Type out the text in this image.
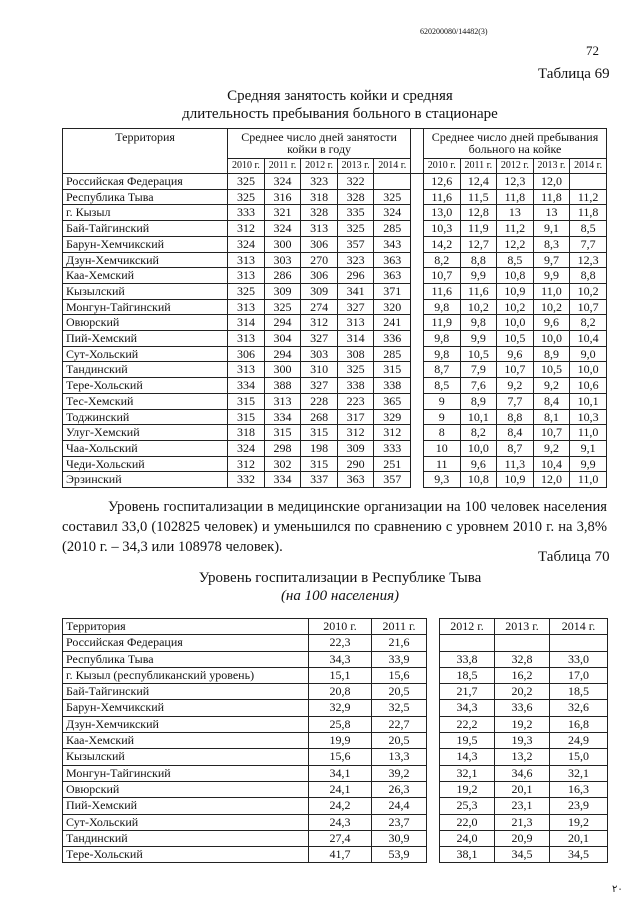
620200080/14482(3)
72
Таблица 69
Средняя занятость койки и средняя
длительность пребывания больного в стационаре
Территория	Среднее число дней занятости койки в году						Среднее число дней пребывания больного на койке				
	2010 г.	2011 г.	2012 г.	2013 г.	2014 г.		2010 г.	2011 г.	2012 г.	2013 г.	2014 г.
Российская Федерация	325	324	323	322			12,6	12,4	12,3	12,0	
Республика Тыва	325	316	318	328	325		11,6	11,5	11,8	11,8	11,2
г. Кызыл	333	321	328	335	324		13,0	12,8	13	13	11,8
Бай-Тайгинский	312	324	313	325	285		10,3	11,9	11,2	9,1	8,5
Барун-Хемчикский	324	300	306	357	343		14,2	12,7	12,2	8,3	7,7
Дзун-Хемчикский	313	303	270	323	363		8,2	8,8	8,5	9,7	12,3
Каа-Хемский	313	286	306	296	363		10,7	9,9	10,8	9,9	8,8
Кызылский	325	309	309	341	371		11,6	11,6	10,9	11,0	10,2
Монгун-Тайгинский	313	325	274	327	320		9,8	10,2	10,2	10,2	10,7
Овюрский	314	294	312	313	241		11,9	9,8	10,0	9,6	8,2
Пий-Хемский	313	304	327	314	336		9,8	9,9	10,5	10,0	10,4
Сут-Хольский	306	294	303	308	285		9,8	10,5	9,6	8,9	9,0
Тандинский	313	300	310	325	315		8,7	7,9	10,7	10,5	10,0
Тере-Хольский	334	388	327	338	338		8,5	7,6	9,2	9,2	10,6
Тес-Хемский	315	313	228	223	365		9	8,9	7,7	8,4	10,1
Тоджинский	315	334	268	317	329		9	10,1	8,8	8,1	10,3
Улуг-Хемский	318	315	315	312	312		8	8,2	8,4	10,7	11,0
Чаа-Хольский	324	298	198	309	333		10	10,0	8,7	9,2	9,1
Чеди-Хольский	312	302	315	290	251		11	9,6	11,3	10,4	9,9
Эрзинский	332	334	337	363	357		9,3	10,8	10,9	12,0	11,0

Уровень госпитализации в медицинские организации на 100 человек населения составил 33,0 (102825 человек) и уменьшился по сравнению с уровнем 2010 г. на 3,8% (2010 г. – 34,3 или 108978 человек).

Таблица 70
Уровень госпитализации в Республике Тыва
(на 100 населения)
Территория	2010 г.	2011 г.		2012 г.	2013 г.	2014 г.
Российская Федерация	22,3	21,6				
Республика Тыва	34,3	33,9		33,8	32,8	33,0
г. Кызыл (республиканский уровень)	15,1	15,6		18,5	16,2	17,0
Бай-Тайгинский	20,8	20,5		21,7	20,2	18,5
Барун-Хемчикский	32,9	32,5		34,3	33,6	32,6
Дзун-Хемчикский	25,8	22,7		22,2	19,2	16,8
Каа-Хемский	19,9	20,5		19,5	19,3	24,9
Кызылский	15,6	13,3		14,3	13,2	15,0
Монгун-Тайгинский	34,1	39,2		32,1	34,6	32,1
Овюрский	24,1	26,3		19,2	20,1	16,3
Пий-Хемский	24,2	24,4		25,3	23,1	23,9
Сут-Хольский	24,3	23,7		22,0	21,3	19,2
Тандинский	27,4	30,9		24,0	20,9	20,1
Тере-Хольский	41,7	53,9		38,1	34,5	34,5
٢٠
